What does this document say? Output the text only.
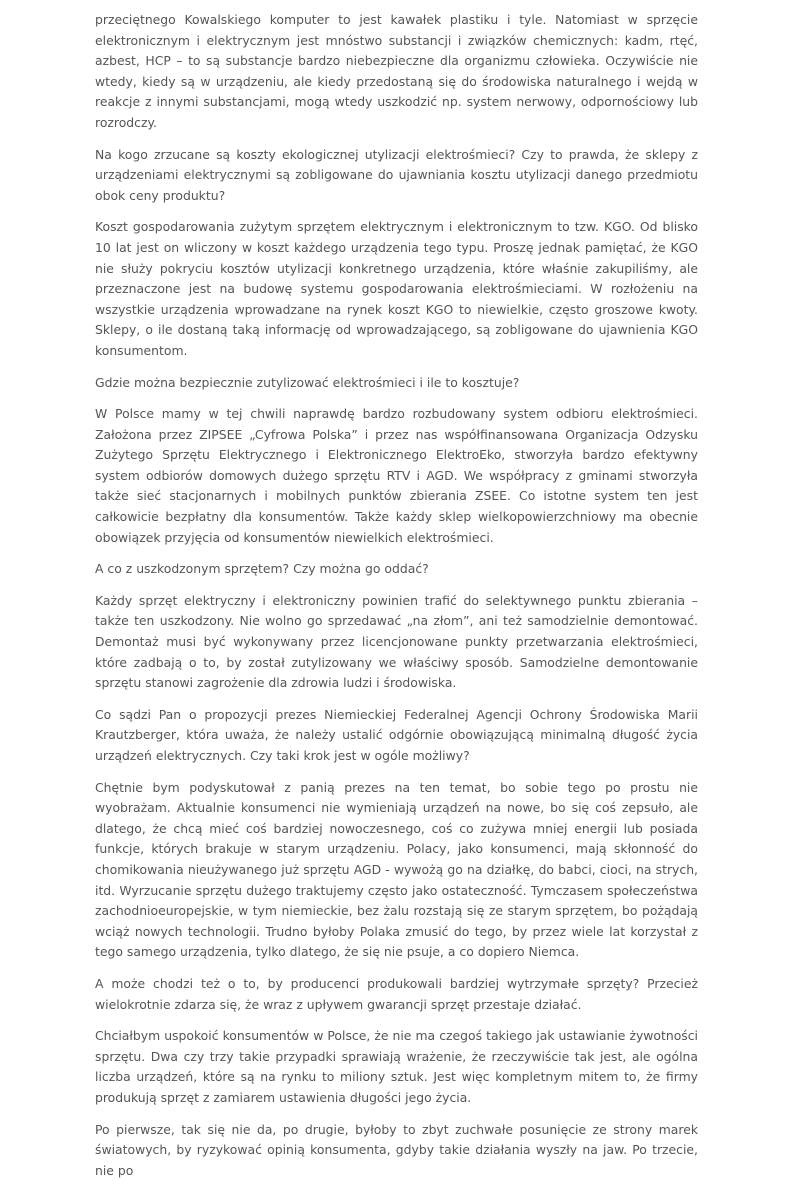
przeciętnego Kowalskiego komputer to jest kawałek plastiku i tyle. Natomiast w sprzęcie elektronicznym i elektrycznym jest mnóstwo substancji i związków chemicznych: kadm, rtęć, azbest, HCP – to są substancje bardzo niebezpieczne dla organizmu człowieka. Oczywiście nie wtedy, kiedy są w urządzeniu, ale kiedy przedostaną się do środowiska naturalnego i wejdą w reakcje z innymi substancjami, mogą wtedy uszkodzić np. system nerwowy, odpornościowy lub rozrodczy.

Na kogo zrzucane są koszty ekologicznej utylizacji elektrośmieci? Czy to prawda, że sklepy z urządzeniami elektrycznymi są zobligowane do ujawniania kosztu utylizacji danego przedmiotu obok ceny produktu?

Koszt gospodarowania zużytym sprzętem elektrycznym i elektronicznym to tzw. KGO. Od blisko 10 lat jest on wliczony w koszt każdego urządzenia tego typu. Proszę jednak pamiętać, że KGO nie służy pokryciu kosztów utylizacji konkretnego urządzenia, które właśnie zakupiliśmy, ale przeznaczone jest na budowę systemu gospodarowania elektrośmieciami. W rozłożeniu na wszystkie urządzenia wprowadzane na rynek koszt KGO to niewielkie, często groszowe kwoty. Sklepy, o ile dostaną taką informację od wprowadzającego, są zobligowane do ujawnienia KGO konsumentom.

Gdzie można bezpiecznie zutylizować elektrośmieci i ile to kosztuje?

W Polsce mamy w tej chwili naprawdę bardzo rozbudowany system odbioru elektrośmieci. Założona przez ZIPSEE „Cyfrowa Polska” i przez nas współfinansowana Organizacja Odzysku Zużytego Sprzętu Elektrycznego i Elektronicznego ElektroEko, stworzyła bardzo efektywny system odbiorów domowych dużego sprzętu RTV i AGD. We współpracy z gminami stworzyła także sieć stacjonarnych i mobilnych punktów zbierania ZSEE. Co istotne system ten jest całkowicie bezpłatny dla konsumentów. Także każdy sklep wielkopowierzchniowy ma obecnie obowiązek przyjęcia od konsumentów niewielkich elektrośmieci.

A co z uszkodzonym sprzętem? Czy można go oddać?

Każdy sprzęt elektryczny i elektroniczny powinien trafić do selektywnego punktu zbierania – także ten uszkodzony. Nie wolno go sprzedawać „na złom”, ani też samodzielnie demontować. Demontaż musi być wykonywany przez licencjonowane punkty przetwarzania elektrośmieci, które zadbają o to, by został zutylizowany we właściwy sposób. Samodzielne demontowanie sprzętu stanowi zagrożenie dla zdrowia ludzi i środowiska.

Co sądzi Pan o propozycji prezes Niemieckiej Federalnej Agencji Ochrony Środowiska Marii Krautzberger, która uważa, że należy ustalić odgórnie obowiązującą minimalną długość życia urządzeń elektrycznych. Czy taki krok jest w ogóle możliwy?

Chętnie bym podyskutował z panią prezes na ten temat, bo sobie tego po prostu nie wyobrażam. Aktualnie konsumenci nie wymieniają urządzeń na nowe, bo się coś zepsuło, ale dlatego, że chcą mieć coś bardziej nowoczesnego, coś co zużywa mniej energii lub posiada funkcje, których brakuje w starym urządzeniu. Polacy, jako konsumenci, mają skłonność do chomikowania nieużywanego już sprzętu AGD - wywożą go na działkę, do babci, cioci, na strych, itd. Wyrzucanie sprzętu dużego traktujemy często jako ostateczność. Tymczasem społeczeństwa zachodnioeuropejskie, w tym niemieckie, bez żalu rozstają się ze starym sprzętem, bo pożądają wciąż nowych technologii. Trudno byłoby Polaka zmusić do tego, by przez wiele lat korzystał z tego samego urządzenia, tylko dlatego, że się nie psuje, a co dopiero Niemca.

A może chodzi też o to, by producenci produkowali bardziej wytrzymałe sprzęty? Przecież wielokrotnie zdarza się, że wraz z upływem gwarancji sprzęt przestaje działać.

Chciałbym uspokoić konsumentów w Polsce, że nie ma czegoś takiego jak ustawianie żywotności sprzętu. Dwa czy trzy takie przypadki sprawiają wrażenie, że rzeczywiście tak jest, ale ogólna liczba urządzeń, które są na rynku to miliony sztuk. Jest więc kompletnym mitem to, że firmy produkują sprzęt z zamiarem ustawienia długości jego życia.

Po pierwsze, tak się nie da, po drugie, byłoby to zbyt zuchwałe posunięcie ze strony marek światowych, by ryzykować opinią konsumenta, gdyby takie działania wyszły na jaw. Po trzecie, nie po
